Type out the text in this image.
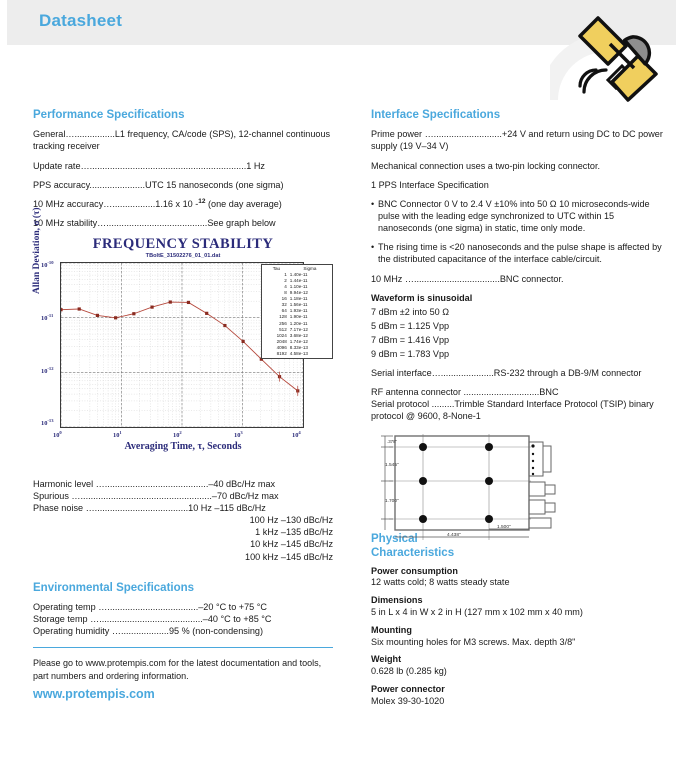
Datasheet
Performance Specifications

General…................L1 frequency, CA/code (SPS), 12-channel continuous tracking receiver

Update rate…..............................................................1 Hz

PPS accuracy......................UTC 15 nanoseconds (one sigma)

10 MHz accuracy….................1.16 x 10 -$^{12}$ (one day average)

10 MHz stability…........................................See graph below

FREQUENCY STABILITY
TBoltE_31502276_01_01.dat
Allan Deviation, σ (τ)
Averaging Time, τ, Seconds
$10^{-10}$
$10^{-11}$
$10^{-12}$
$10^{-13}$
$10^0$	$10^1$	$10^2$	$10^3$	$10^4$
Tau	Sigma
1	1.40e-11
2	1.44e-11
4	1.10e-11
8	9.94e-12
16	1.18e-11
32	1.56e-11
64	1.93e-11
128	1.90e-11
256	1.20e-11
512	7.17e-12
1024	3.68e-12
2048	1.74e-12
4096	8.33e-13
8192	4.58e-13

Harmonic level ….........................................–40 dBc/Hz max

Spurious …....................................................–70 dBc/Hz max

Phase noise ….....................................10 Hz –115 dBc/Hz

100 Hz –130 dBc/Hz

1 kHz –135 dBc/Hz

10 kHz –145 dBc/Hz

100 kHz –145 dBc/Hz

Environmental Specifications

Operating temp …....................................–20 °C to +75 °C

Storage temp ….........................................–40 °C to +85 °C

Operating humidity …...................95 % (non-condensing)

Please go to www.protempis.com for the latest documentation and tools, part numbers and ordering information.

www.protempis.com
Interface Specifications

Prime power …...........................+24 V and return using DC to DC power supply (19 V–34 V)

Mechanical connection uses a two-pin locking connector.

1 PPS Interface Specification

• BNC Connector 0 V to 2.4 V ±10% into 50 Ω 10 microseconds-wide pulse with the leading edge synchronized to UTC within 15 nanoseconds (one sigma) in static, time only mode.
• The rising time is <20 nanoseconds and the pulse shape is affected by the distributed capacitance of the interface cable/circuit.

10 MHz …..................................BNC connector.

Waveform is sinusoidal

7 dBm ±2 into 50 Ω

5 dBm = 1.125 Vpp

7 dBm = 1.416 Vpp

9 dBm = 1.783 Vpp

Serial interface….....................RS-232 through a DB-9/M connector

RF antenna connector ..............................BNC

Serial protocol .........Trimble Standard Interface Protocol (TSIP) binary protocol @ 9600, 8-None-1

.378"
1.545"
1.700"
4.438"
1.500"
Physical
Characteristics
Power consumption
12 watts cold; 8 watts steady state
Dimensions
5 in L x 4 in W x 2 in H (127 mm x 102 mm x 40 mm)
Mounting
Six mounting holes for M3 screws. Max. depth 3/8"
Weight
0.628 lb (0.285 kg)
Power connector
Molex 39-30-1020
